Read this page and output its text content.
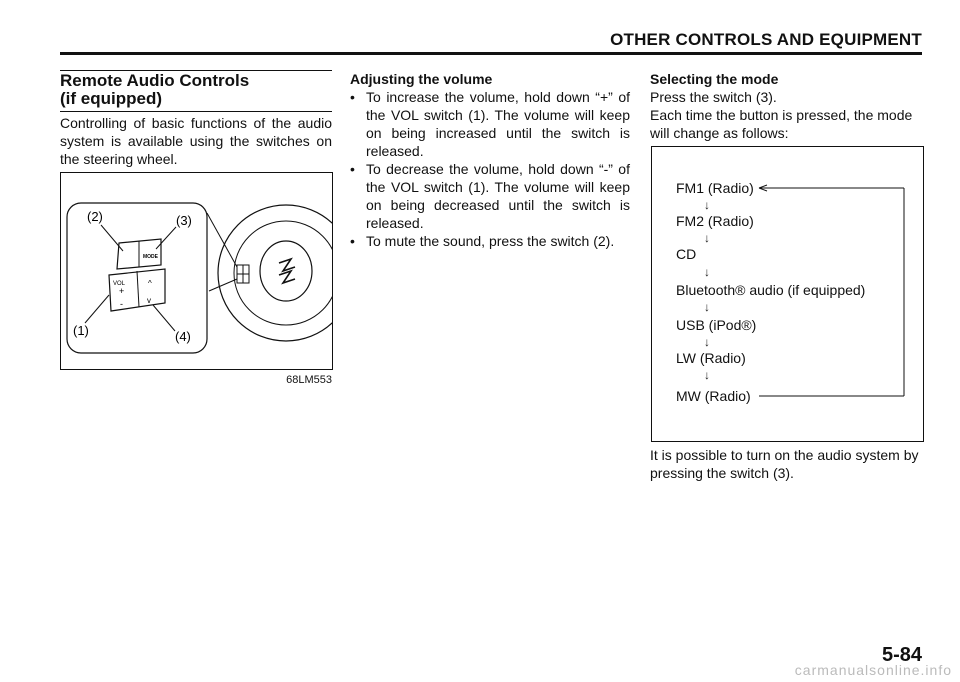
OTHER CONTROLS AND EQUIPMENT
Remote Audio Controls
(if equipped)
Controlling of basic functions of the audio system is available using the switches on the steering wheel.
(2)	(3)
(1)	(4)
MODE
VOL
+
-
^
v
68LM553
Adjusting the volume
• To increase the volume, hold down “+” of the VOL switch (1). The volume will keep on being increased until the switch is released.
• To decrease the volume, hold down “-” of the VOL switch (1). The volume will keep on being decreased until the switch is released.
• To mute the sound, press the switch (2).
Selecting the mode
Press the switch (3).
Each time the button is pressed, the mode will change as follows:
FM1 (Radio)
↓
FM2 (Radio)
↓
CD
↓
Bluetooth® audio (if equipped)
↓
USB (iPod®)
↓
LW (Radio)
↓
MW (Radio)
It is possible to turn on the audio system by pressing the switch (3).
5-84
carmanualsonline.info
